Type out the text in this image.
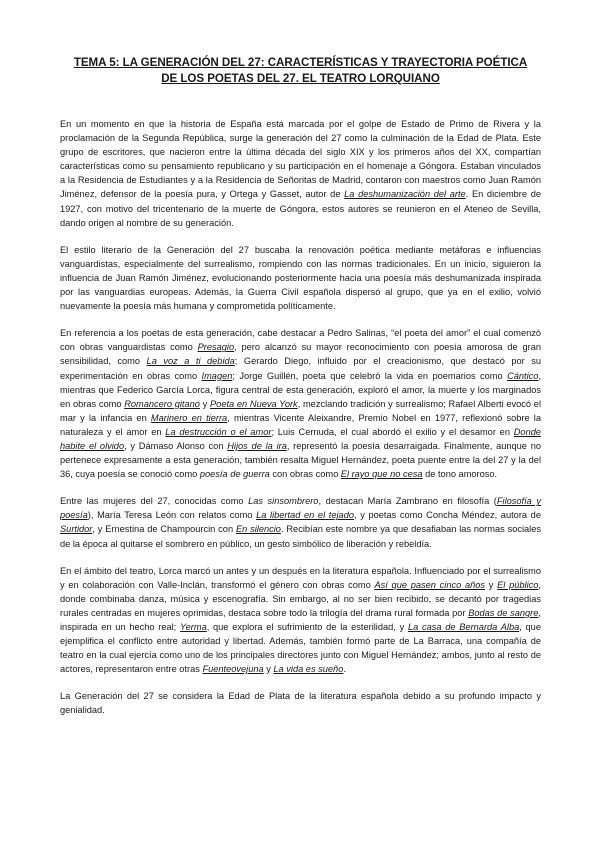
TEMA 5: LA GENERACIÓN DEL 27: CARACTERÍSTICAS Y TRAYECTORIA POÉTICA
DE LOS POETAS DEL 27. EL TEATRO LORQUIANO

En un momento en que la historia de España está marcada por el golpe de Estado de Primo de Rivera y la proclamación de la Segunda República, surge la generación del 27 como la culminación de la Edad de Plata. Este grupo de escritores, que nacieron entre la última década del siglo XIX y los primeros años del XX, compartían características como su pensamiento republicano y su participación en el homenaje a Góngora. Estaban vinculados a la Residencia de Estudiantes y a la Residencia de Señoritas de Madrid, contaron con maestros como Juan Ramón Jiménez, defensor de la poesía pura, y Ortega y Gasset, autor de La deshumanización del arte. En diciembre de 1927, con motivo del tricentenario de la muerte de Góngora, estos autores se reunieron en el Ateneo de Sevilla, dando origen al nombre de su generación.

El estilo literario de la Generación del 27 buscaba la renovación poética mediante metáforas e influencias vanguardistas, especialmente del surrealismo, rompiendo con las normas tradicionales. En un inicio, siguieron la influencia de Juan Ramón Jiménez, evolucionando posteriormente hacia una poesía más deshumanizada inspirada por las vanguardias europeas. Además, la Guerra Civil española dispersó al grupo, que ya en el exilio, volvió nuevamente la poesía más humana y comprometida políticamente.

En referencia a los poetas de esta generación, cabe destacar a Pedro Salinas, “el poeta del amor” el cual comenzó con obras vanguardistas como Presagio, pero alcanzó su mayor reconocimiento con poesía amorosa de gran sensibilidad, como La voz a ti debida; Gerardo Diego, influido por el creacionismo, que destacó por su experimentación en obras como Imagen; Jorge Guillén, poeta que celebró la vida en poemarios como Cántico, mientras que Federico García Lorca, figura central de esta generación, exploró el amor, la muerte y los marginados en obras como Romancero gitano y Poeta en Nueva York, mezclando tradición y surrealismo; Rafael Alberti evocó el mar y la infancia en Marinero en tierra, mientras Vicente Aleixandre, Premio Nobel en 1977, reflexionó sobre la naturaleza y el amor en La destrucción o el amor; Luis Cernuda, el cual abordó el exilio y el desamor en Donde habite el olvido, y Dámaso Alonso con Hijos de la ira, representó la poesía desarraigada. Finalmente, aunque no pertenece expresamente a esta generación, también resalta Miguel Hernández, poeta puente entre la del 27 y la del 36, cuya poesía se conoció como poesía de guerra con obras como El rayo que no cesa de tono amoroso.

Entre las mujeres del 27, conocidas como Las sinsombrero, destacan María Zambrano en filosofía (Filosofía y poesía), María Teresa León con relatos como La libertad en el tejado, y poetas como Concha Méndez, autora de Surtidor, y Ernestina de Champourcin con En silencio. Recibían este nombre ya que desafiaban las normas sociales de la época al quitarse el sombrero en público, un gesto simbólico de liberación y rebeldía.

En el ámbito del teatro, Lorca marcó un antes y un después en la literatura española. Influenciado por el surrealismo y en colaboración con Valle-Inclán, transformó el género con obras como Así que pasen cinco años y El público, donde combinaba danza, música y escenografía. Sin embargo, al no ser bien recibido, se decantó por tragedias rurales centradas en mujeres oprimidas, destaca sobre todo la trilogía del drama rural formada por Bodas de sangre, inspirada en un hecho real; Yerma, que explora el sufrimiento de la esterilidad, y La casa de Bernarda Alba, que ejemplifica el conflicto entre autoridad y libertad. Además, también formó parte de La Barraca, una compañía de teatro en la cual ejercía como uno de los principales directores junto con Miguel Hernández; ambos, junto al resto de actores, representaron entre otras Fuenteovejuna y La vida es sueño.

La Generación del 27 se considera la Edad de Plata de la literatura española debido a su profundo impacto y genialidad.
